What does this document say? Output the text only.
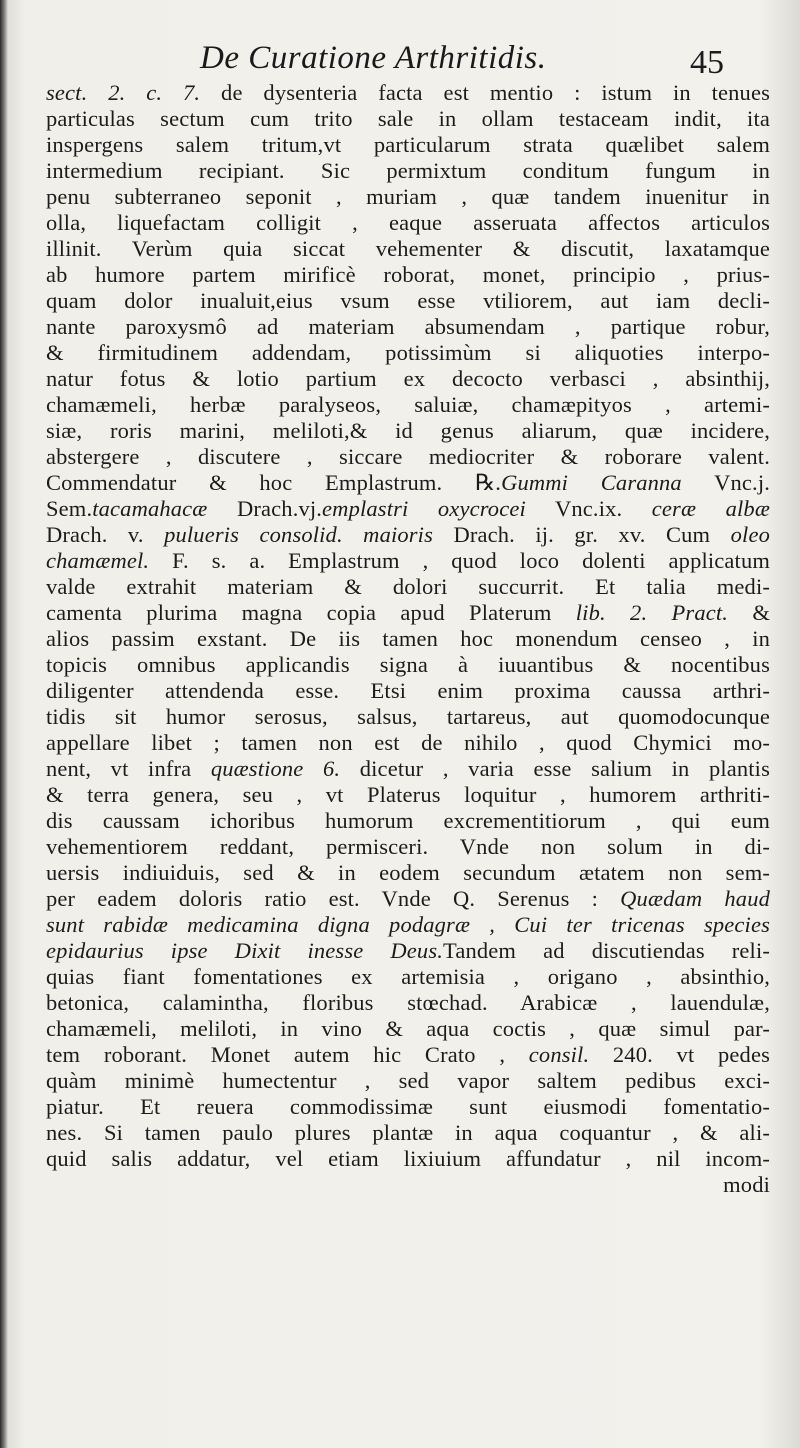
De Curatione Arthritidis.	45
sect. 2. c. 7. de dysenteria facta est mentio : istum in tenues
particulas sectum cum trito sale in ollam testaceam indit, ita
inspergens salem tritum,vt particularum strata quælibet salem
intermedium recipiant. Sic permixtum conditum fungum in
penu subterraneo seponit , muriam , quæ tandem inuenitur in
olla, liquefactam colligit , eaque asseruata affectos articulos
illinit. Verùm quia siccat vehementer & discutit, laxatamque
ab humore partem mirificè roborat, monet, principio , prius-
quam dolor inualuit,eius vsum esse vtiliorem, aut iam decli-
nante paroxysmô ad materiam absumendam , partique robur,
& firmitudinem addendam, potissimùm si aliquoties interpo-
natur fotus & lotio partium ex decocto verbasci , absinthij,
chamæmeli, herbæ paralyseos, saluiæ, chamæpityos , artemi-
siæ, roris marini, meliloti,& id genus aliarum, quæ incidere,
abstergere , discutere , siccare mediocriter & roborare valent.
Commendatur & hoc Emplastrum. ℞.Gummi Caranna Vnc.j.
Sem.tacamahacæ Drach.vj.emplastri oxycrocei Vnc.ix. ceræ albæ
Drach. v. pulueris consolid. maioris Drach. ij. gr. xv. Cum oleo
chamæmel. F. s. a. Emplastrum , quod loco dolenti applicatum
valde extrahit materiam & dolori succurrit. Et talia medi-
camenta plurima magna copia apud Platerum lib. 2. Pract. &
alios passim exstant. De iis tamen hoc monendum censeo , in
topicis omnibus applicandis signa à iuuantibus & nocentibus
diligenter attendenda esse. Etsi enim proxima caussa arthri-
tidis sit humor serosus, salsus, tartareus, aut quomodocunque
appellare libet ; tamen non est de nihilo , quod Chymici mo-
nent, vt infra quæstione 6. dicetur , varia esse salium in plantis
& terra genera, seu , vt Platerus loquitur , humorem arthriti-
dis caussam ichoribus humorum excrementitiorum , qui eum
vehementiorem reddant, permisceri. Vnde non solum in di-
uersis indiuiduis, sed & in eodem secundum ætatem non sem-
per eadem doloris ratio est. Vnde Q. Serenus : Quædam haud
sunt rabidæ medicamina digna podagræ , Cui ter tricenas species
epidaurius ipse Dixit inesse Deus.Tandem ad discutiendas reli-
quias fiant fomentationes ex artemisia , origano , absinthio,
betonica, calamintha, floribus stœchad. Arabicæ , lauendulæ,
chamæmeli, meliloti, in vino & aqua coctis , quæ simul par-
tem roborant. Monet autem hic Crato , consil. 240. vt pedes
quàm minimè humectentur , sed vapor saltem pedibus exci-
piatur. Et reuera commodissimæ sunt eiusmodi fomentatio-
nes. Si tamen paulo plures plantæ in aqua coquantur , & ali-
quid salis addatur, vel etiam lixiuium affundatur , nil incom-
modi
